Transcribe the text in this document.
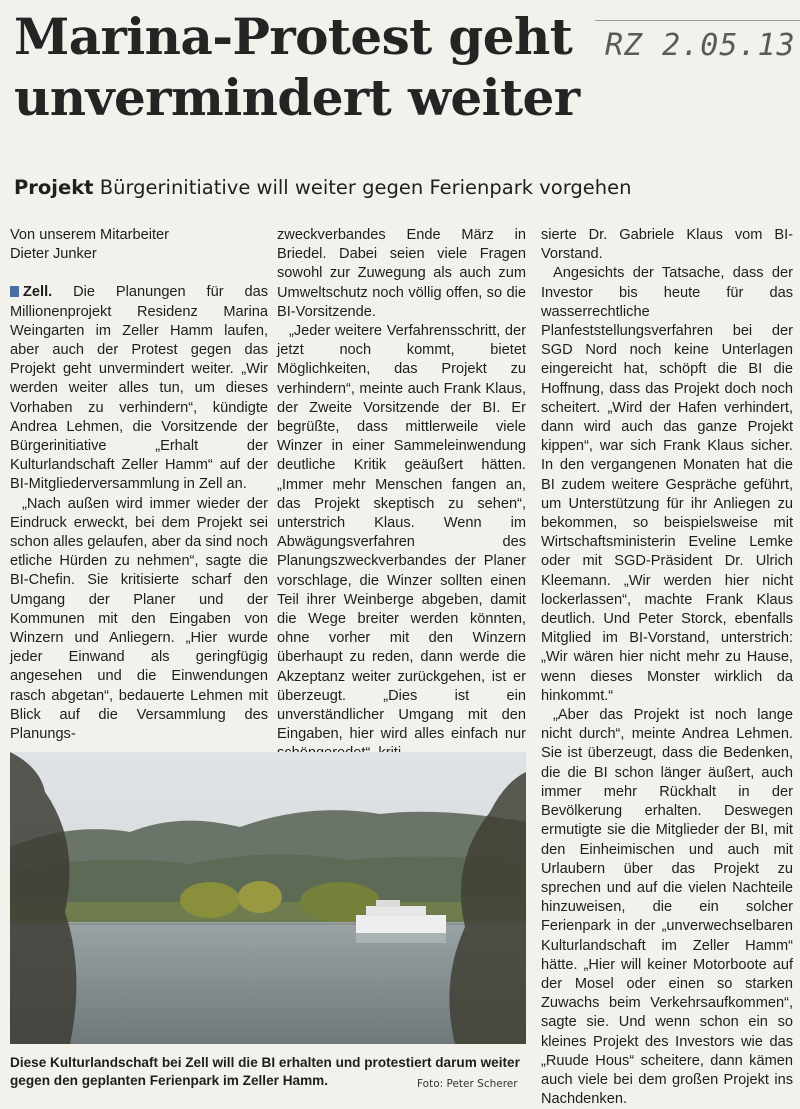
Marina-Protest geht unvermindert weiter
RZ 2.05.13
Projekt Bürgerinitiative will weiter gegen Ferienpark vorgehen
Von unserem Mitarbeiter
Dieter Junker

Zell. Die Planungen für das Millionenprojekt Residenz Marina Weingarten im Zeller Hamm laufen, aber auch der Protest gegen das Projekt geht unvermindert weiter. „Wir werden weiter alles tun, um dieses Vorhaben zu verhindern“, kündigte Andrea Lehmen, die Vorsitzende der Bürgerinitiative „Erhalt der Kulturlandschaft Zeller Hamm“ auf der BI-Mitgliederversammlung in Zell an.

„Nach außen wird immer wieder der Eindruck erweckt, bei dem Projekt sei schon alles gelaufen, aber da sind noch etliche Hürden zu nehmen“, sagte die BI-Chefin. Sie kritisierte scharf den Umgang der Planer und der Kommunen mit den Eingaben von Winzern und Anliegern. „Hier wurde jeder Einwand als geringfügig angesehen und die Einwendungen rasch abgetan“, bedauerte Lehmen mit Blick auf die Versammlung des Planungs-

zweckverbandes Ende März in Briedel. Dabei seien viele Fragen sowohl zur Zuwegung als auch zum Umweltschutz noch völlig offen, so die BI-Vorsitzende.

„Jeder weitere Verfahrensschritt, der jetzt noch kommt, bietet Möglichkeiten, das Projekt zu verhindern“, meinte auch Frank Klaus, der Zweite Vorsitzende der BI. Er begrüßte, dass mittlerweile viele Winzer in einer Sammeleinwendung deutliche Kritik geäußert hätten. „Immer mehr Menschen fangen an, das Projekt skeptisch zu sehen“, unterstrich Klaus. Wenn im Abwägungsverfahren des Planungszweckverbandes der Planer vorschlage, die Winzer sollten einen Teil ihrer Weinberge abgeben, damit die Wege breiter werden könnten, ohne vorher mit den Winzern überhaupt zu reden, dann werde die Akzeptanz weiter zurückgehen, ist er überzeugt. „Dies ist ein unverständlicher Umgang mit den Eingaben, hier wird alles einfach nur

sierte Dr. Gabriele Klaus vom BI-Vorstand.

Angesichts der Tatsache, dass der Investor bis heute für das wasserrechtliche Planfeststellungsverfahren bei der SGD Nord noch keine Unterlagen eingereicht hat, schöpft die BI die Hoffnung, dass das Projekt doch noch scheitert. „Wird der Hafen verhindert, dann wird auch das ganze Projekt kippen“, war sich Frank Klaus sicher. In den vergangenen Monaten hat die BI zudem weitere Gespräche geführt, um Unterstützung für ihr Anliegen zu bekommen, so beispielsweise mit Wirtschaftsministerin Eveline Lemke oder mit SGD-Präsident Dr. Ulrich Kleemann. „Wir werden hier nicht lockerlassen“, machte Frank Klaus deutlich. Und Peter Storck, ebenfalls Mitglied im BI-Vorstand, unterstrich: „Wir wären hier nicht mehr zu Hause, wenn dieses Monster wirklich da hinkommt.“

„Aber das Projekt ist noch lange nicht durch“, meinte Andrea Lehmen. Sie ist überzeugt, dass die Bedenken, die die BI schon länger äußert, auch immer mehr Rückhalt in der Bevölkerung erhalten. Deswegen ermutigte sie die Mitglieder der BI, mit den Einheimischen und auch mit Urlaubern über das Projekt zu sprechen und auf die vielen Nachteile hinzuweisen, die ein solcher Ferienpark in der „unverwechselbaren Kulturlandschaft im Zeller Hamm“ hätte. „Hier will keiner Motorboote auf der Mosel oder einen so starken Zuwachs beim Verkehrsaufkommen“, sagte sie. Und wenn schon ein so kleines Projekt des Investors wie das „Ruude Hous“ scheitere, dann kämen auch viele bei dem großen Projekt ins Nachdenken.

Diese Kulturlandschaft bei Zell will die BI erhalten und protestiert darum weiter gegen den geplanten Ferienpark im Zeller Hamm.	Foto: Peter Scherer
